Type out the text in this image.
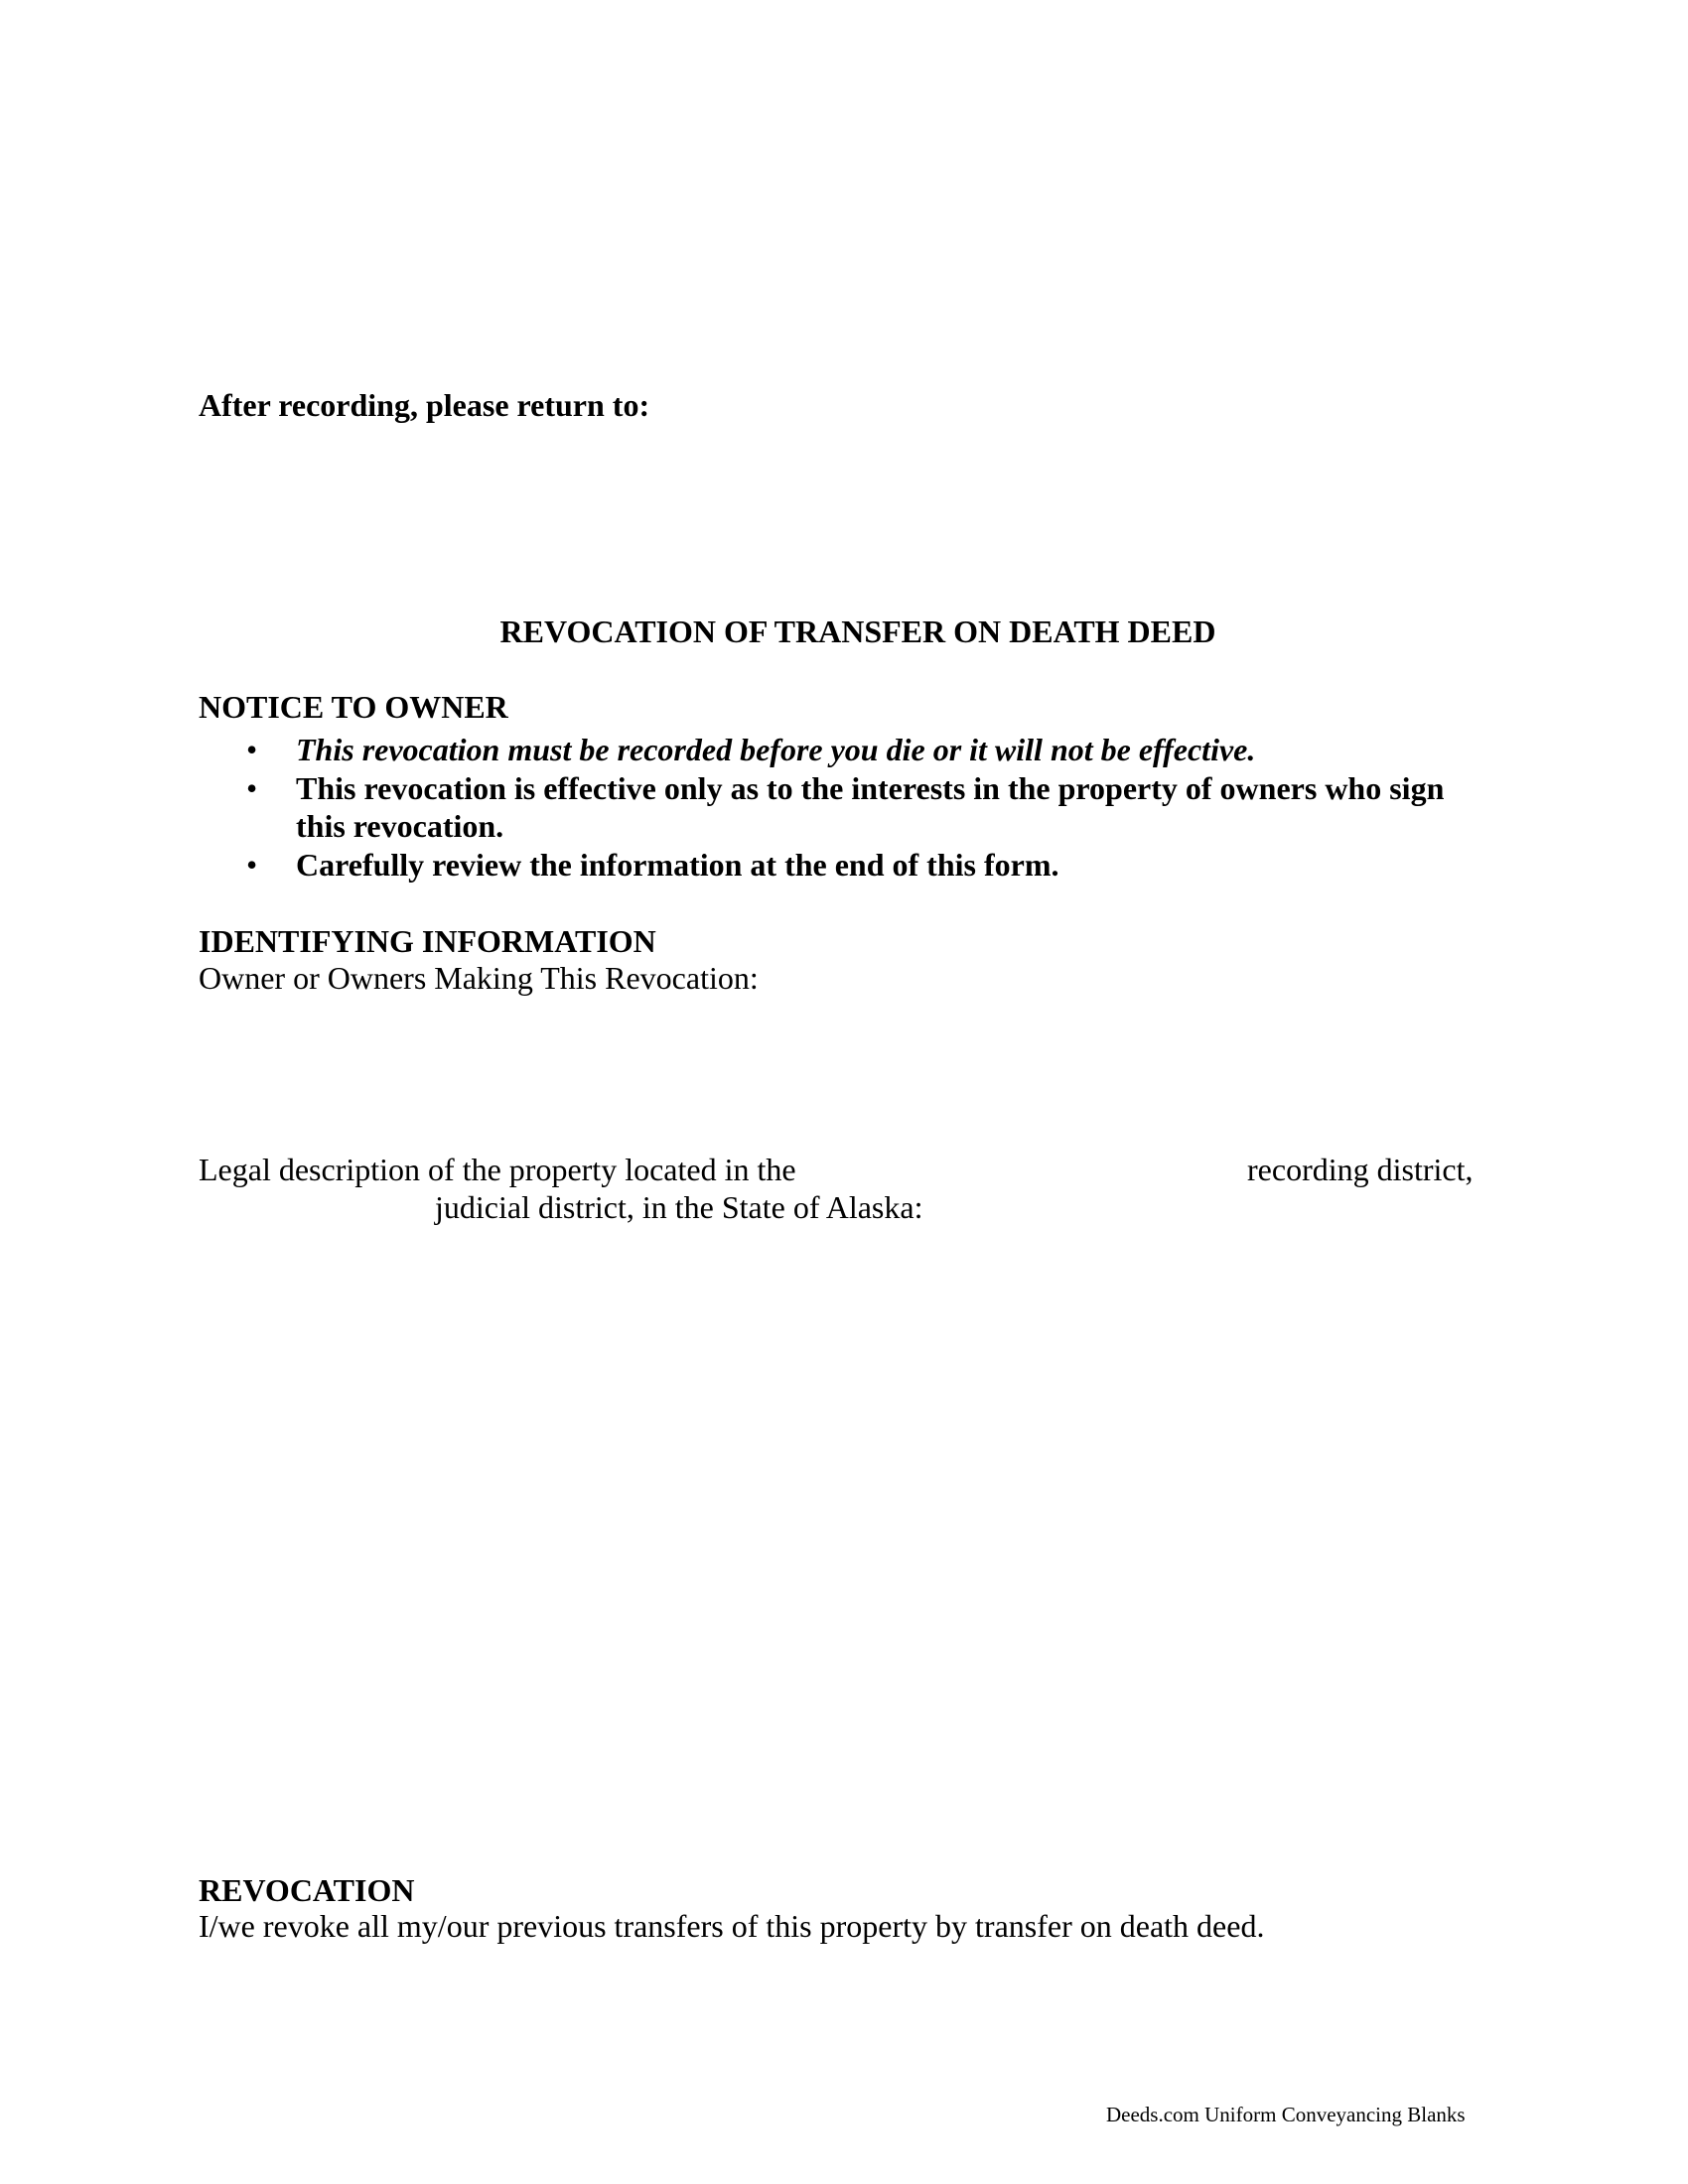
After recording, please return to:
REVOCATION OF TRANSFER ON DEATH DEED
NOTICE TO OWNER
• This revocation must be recorded before you die or it will not be effective.
• This revocation is effective only as to the interests in the property of owners who sign this revocation.
• Carefully review the information at the end of this form.
IDENTIFYING INFORMATION
Owner or Owners Making This Revocation:
Legal description of the property located in the	recording district,
judicial district, in the State of Alaska:
REVOCATION
I/we revoke all my/our previous transfers of this property by transfer on death deed.
Deeds.com Uniform Conveyancing Blanks
